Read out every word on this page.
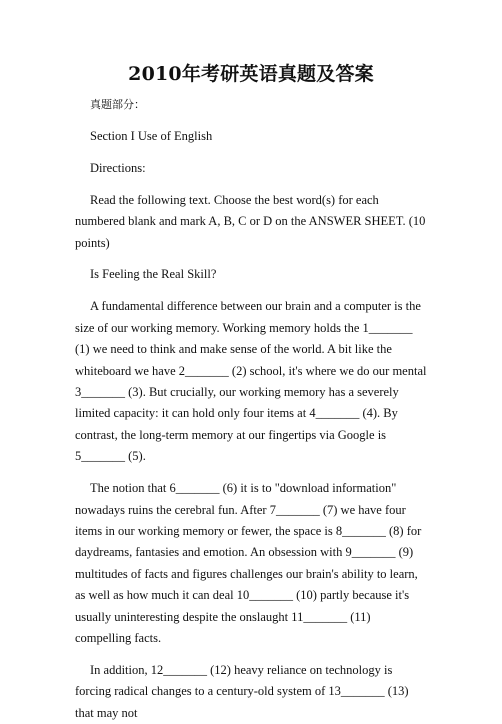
2010年考研英语真题及答案

真题部分：

Section I Use of English

Directions:

Read the following text. Choose the best word(s) for each numbered blank and mark A, B, C or D on the ANSWER SHEET. (10 points)

Is Feeling the Real Skill?

A fundamental difference between our brain and a computer is the size of our working memory. Working memory holds the 1_______ (1) we need to think and make sense of the world. A bit like the whiteboard we have 2_______ (2) school, it's where we do our mental 3_______ (3). But crucially, our working memory has a severely limited capacity: it can hold only four items at 4_______ (4). By contrast, the long-term memory at our fingertips via Google is 5_______ (5).

The notion that 6_______ (6) it is to "download information" nowadays ruins the cerebral fun. After 7_______ (7) we have four items in our working memory or fewer, the space is 8_______ (8) for daydreams, fantasies and emotion. An obsession with 9_______ (9) multitudes of facts and figures challenges our brain's ability to learn, as well as how much it can deal 10_______ (10) partly because it's usually uninteresting despite the onslaught 11_______ (11) compelling facts.

In addition, 12_______ (12) heavy reliance on technology is forcing radical changes to a century-old system of 13_______ (13) that may not
